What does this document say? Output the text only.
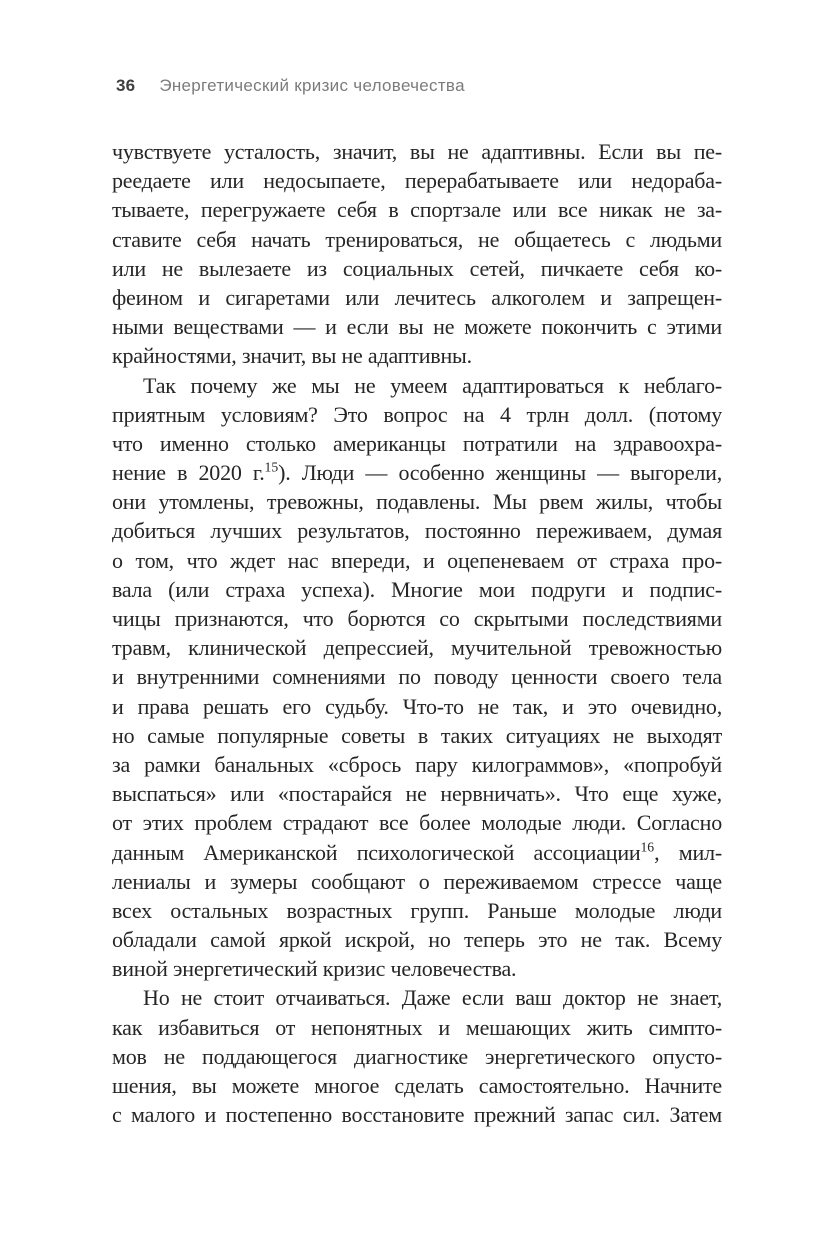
36 Энергетический кризис человечества
чувствуете усталость, значит, вы не адаптивны. Если вы пе-
реедаете или недосыпаете, перерабатываете или недораба-
тываете, перегружаете себя в спортзале или все никак не за-
ставите себя начать тренироваться, не общаетесь с людьми
или не вылезаете из социальных сетей, пичкаете себя ко-
феином и сигаретами или лечитесь алкоголем и запрещен-
ными веществами — и если вы не можете покончить с этими
крайностями, значит, вы не адаптивны.
Так почему же мы не умеем адаптироваться к неблаго-
приятным условиям? Это вопрос на 4 трлн долл. (потому
что именно столько американцы потратили на здравоохра-
нение в 2020 г.$^{15}$). Люди — особенно женщины — выгорели,
они утомлены, тревожны, подавлены. Мы рвем жилы, чтобы
добиться лучших результатов, постоянно переживаем, думая
о том, что ждет нас впереди, и оцепеневаем от страха про-
вала (или страха успеха). Многие мои подруги и подпис-
чицы признаются, что борются со скрытыми последствиями
травм, клинической депрессией, мучительной тревожностью
и внутренними сомнениями по поводу ценности своего тела
и права решать его судьбу. Что-то не так, и это очевидно,
но самые популярные советы в таких ситуациях не выходят
за рамки банальных «сбрось пару килограммов», «попробуй
выспаться» или «постарайся не нервничать». Что еще хуже,
от этих проблем страдают все более молодые люди. Согласно
данным Американской психологической ассоциации$^{16}$, мил-
лениалы и зумеры сообщают о переживаемом стрессе чаще
всех остальных возрастных групп. Раньше молодые люди
обладали самой яркой искрой, но теперь это не так. Всему
виной энергетический кризис человечества.
Но не стоит отчаиваться. Даже если ваш доктор не знает,
как избавиться от непонятных и мешающих жить симпто-
мов не поддающегося диагностике энергетического опусто-
шения, вы можете многое сделать самостоятельно. Начните
с малого и постепенно восстановите прежний запас сил. Затем
